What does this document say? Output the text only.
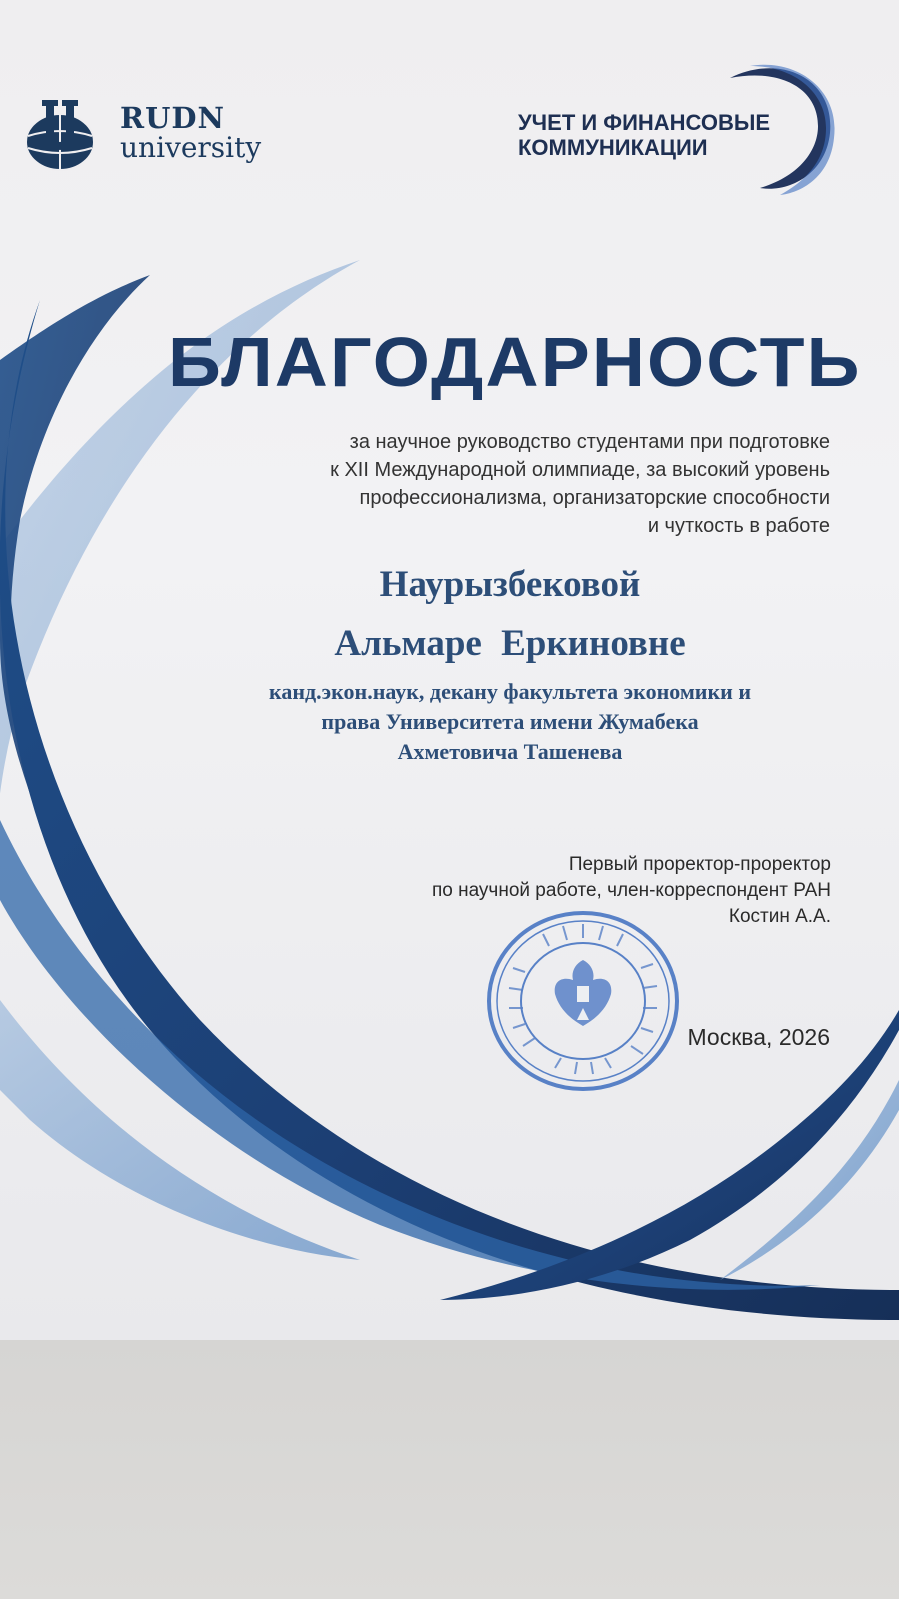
RUDN
university
УЧЕТ И ФИНАНСОВЫЕ КОММУНИКАЦИИ
БЛАГОДАРНОСТЬ
за научное руководство студентами при подготовке
к XII Международной олимпиаде, за высокий уровень
профессионализма, организаторские способности
и чуткость в работе
Наурызбековой
Альмаре Еркиновне
канд.экон.наук, декану факультета экономики и
права Университета имени Жумабека
Ахметовича Ташенева
Первый проректор-проректор
по научной работе, член-корреспондент РАН
Костин А.А.
Москва, 2026
